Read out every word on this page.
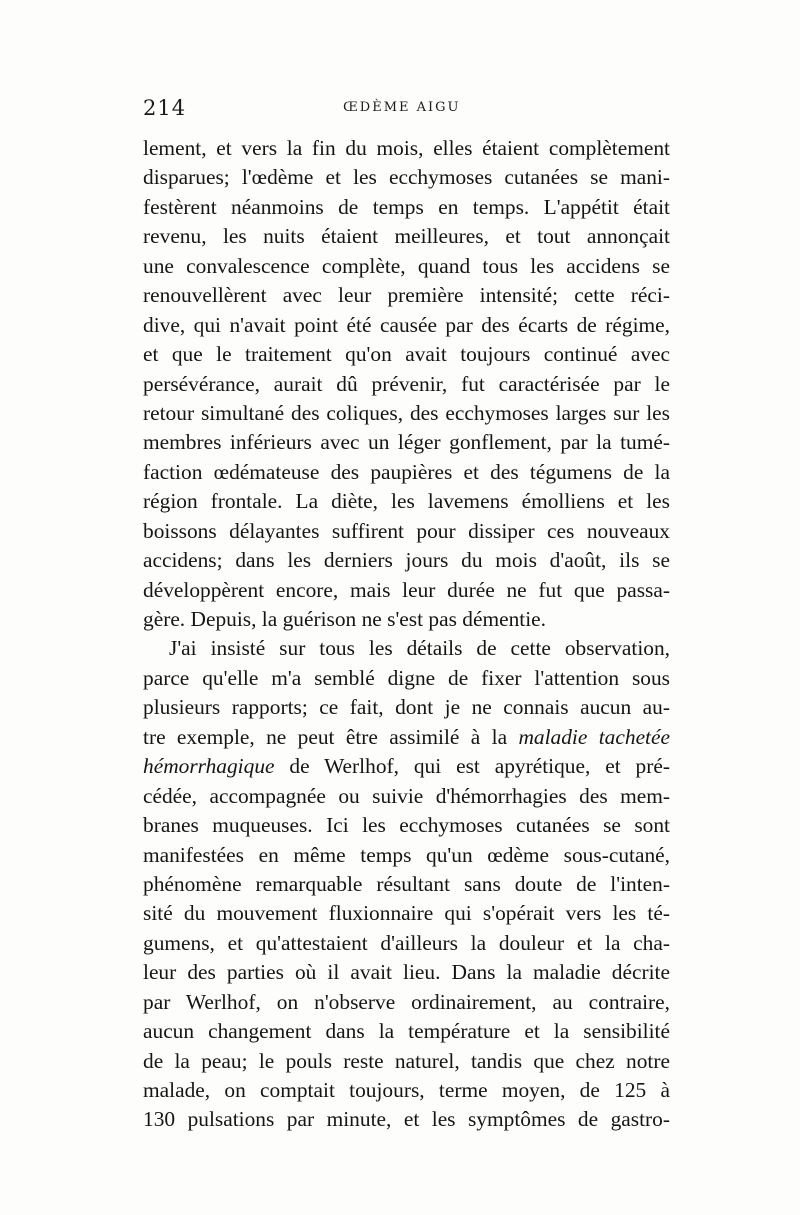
214	ŒDÈME AIGU
lement, et vers la fin du mois, elles étaient complètement
disparues; l'œdème et les ecchymoses cutanées se mani-
festèrent néanmoins de temps en temps. L'appétit était
revenu, les nuits étaient meilleures, et tout annonçait
une convalescence complète, quand tous les accidens se
renouvellèrent avec leur première intensité; cette réci-
dive, qui n'avait point été causée par des écarts de régime,
et que le traitement qu'on avait toujours continué avec
persévérance, aurait dû prévenir, fut caractérisée par le
retour simultané des coliques, des ecchymoses larges sur les
membres inférieurs avec un léger gonflement, par la tumé-
faction œdémateuse des paupières et des tégumens de la
région frontale. La diète, les lavemens émolliens et les
boissons délayantes suffirent pour dissiper ces nouveaux
accidens; dans les derniers jours du mois d'août, ils se
développèrent encore, mais leur durée ne fut que passa-
gère. Depuis, la guérison ne s'est pas démentie.
J'ai insisté sur tous les détails de cette observation,
parce qu'elle m'a semblé digne de fixer l'attention sous
plusieurs rapports; ce fait, dont je ne connais aucun au-
tre exemple, ne peut être assimilé à la maladie tachetée
hémorrhagique de Werlhof, qui est apyrétique, et pré-
cédée, accompagnée ou suivie d'hémorrhagies des mem-
branes muqueuses. Ici les ecchymoses cutanées se sont
manifestées en même temps qu'un œdème sous-cutané,
phénomène remarquable résultant sans doute de l'inten-
sité du mouvement fluxionnaire qui s'opérait vers les té-
gumens, et qu'attestaient d'ailleurs la douleur et la cha-
leur des parties où il avait lieu. Dans la maladie décrite
par Werlhof, on n'observe ordinairement, au contraire,
aucun changement dans la température et la sensibilité
de la peau; le pouls reste naturel, tandis que chez notre
malade, on comptait toujours, terme moyen, de 125 à
130 pulsations par minute, et les symptômes de gastro-
